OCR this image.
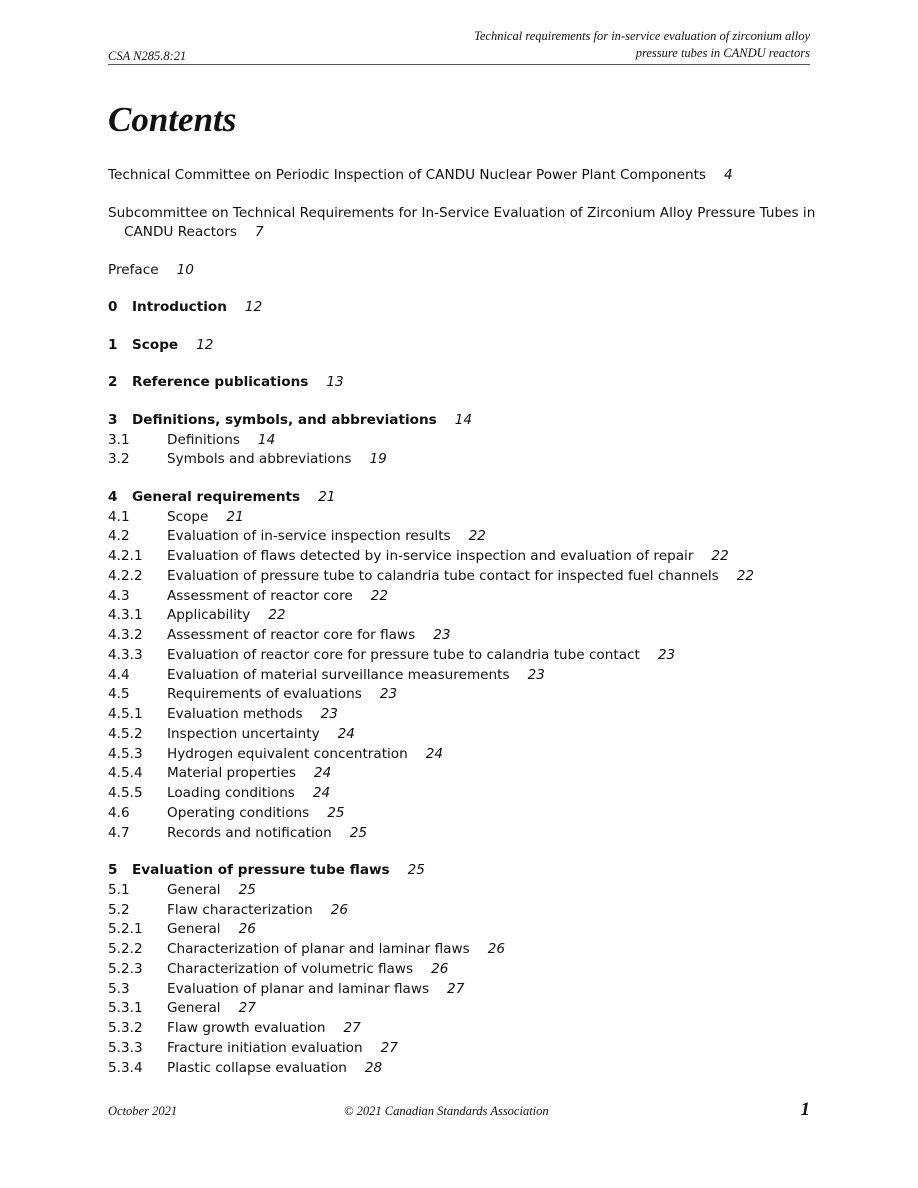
CSA N285.8:21
Technical requirements for in-service evaluation of zirconium alloy
pressure tubes in CANDU reactors
Contents
Technical Committee on Periodic Inspection of CANDU Nuclear Power Plant Components 4
Subcommittee on Technical Requirements for In-Service Evaluation of Zirconium Alloy Pressure Tubes in CANDU Reactors 7
Preface 10
0 Introduction 12
1 Scope 12
2 Reference publications 13
3 Definitions, symbols, and abbreviations 14
3.1	Definitions 14
3.2	Symbols and abbreviations 19
4 General requirements 21
4.1	Scope 21
4.2	Evaluation of in-service inspection results 22
4.2.1	Evaluation of flaws detected by in-service inspection and evaluation of repair 22
4.2.2	Evaluation of pressure tube to calandria tube contact for inspected fuel channels 22
4.3	Assessment of reactor core 22
4.3.1	Applicability 22
4.3.2	Assessment of reactor core for flaws 23
4.3.3	Evaluation of reactor core for pressure tube to calandria tube contact 23
4.4	Evaluation of material surveillance measurements 23
4.5	Requirements of evaluations 23
4.5.1	Evaluation methods 23
4.5.2	Inspection uncertainty 24
4.5.3	Hydrogen equivalent concentration 24
4.5.4	Material properties 24
4.5.5	Loading conditions 24
4.6	Operating conditions 25
4.7	Records and notification 25
5 Evaluation of pressure tube flaws 25
5.1	General 25
5.2	Flaw characterization 26
5.2.1	General 26
5.2.2	Characterization of planar and laminar flaws 26
5.2.3	Characterization of volumetric flaws 26
5.3	Evaluation of planar and laminar flaws 27
5.3.1	General 27
5.3.2	Flaw growth evaluation 27
5.3.3	Fracture initiation evaluation 27
5.3.4	Plastic collapse evaluation 28
October 2021	© 2021 Canadian Standards Association	1
